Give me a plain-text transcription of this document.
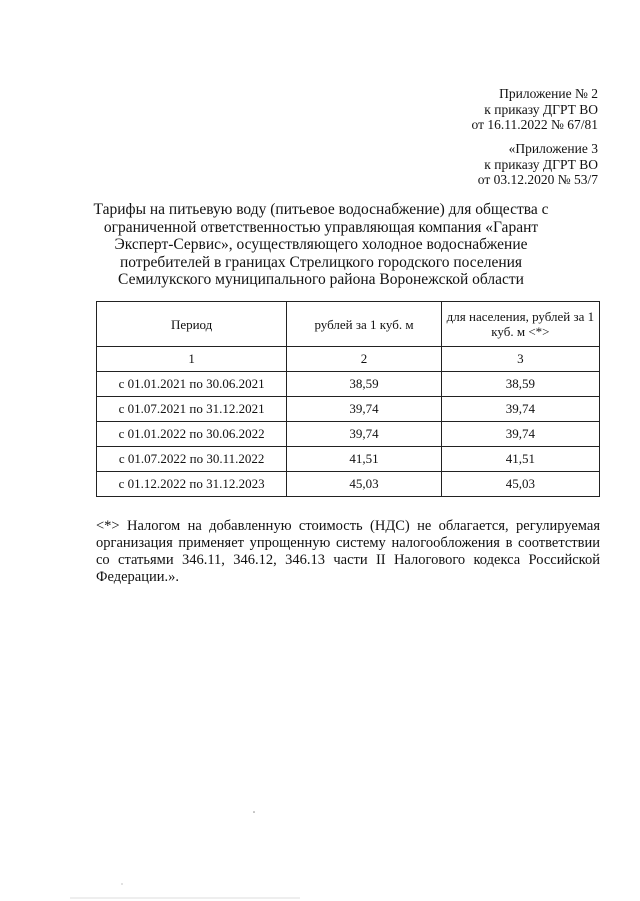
Приложение № 2
к приказу ДГРТ ВО
от 16.11.2022 № 67/81
«Приложение 3
к приказу ДГРТ ВО
от 03.12.2020 № 53/7
Тарифы на питьевую воду (питьевое водоснабжение) для общества с ограниченной ответственностью управляющая компания «Гарант Эксперт-Сервис», осуществляющего холодное водоснабжение потребителей в границах Стрелицкого городского поселения Семилукского муниципального района Воронежской области
Период	рублей за 1 куб. м	для населения, рублей за 1 куб. м <*>
1	2	3
с 01.01.2021 по 30.06.2021	38,59	38,59
с 01.07.2021 по 31.12.2021	39,74	39,74
с 01.01.2022 по 30.06.2022	39,74	39,74
с 01.07.2022 по 30.11.2022	41,51	41,51
с 01.12.2022 по 31.12.2023	45,03	45,03
<*> Налогом на добавленную стоимость (НДС) не облагается, регулируемая организация применяет упрощенную систему налогообложения в соответствии со статьями 346.11, 346.12, 346.13 части II Налогового кодекса Российской Федерации.».
